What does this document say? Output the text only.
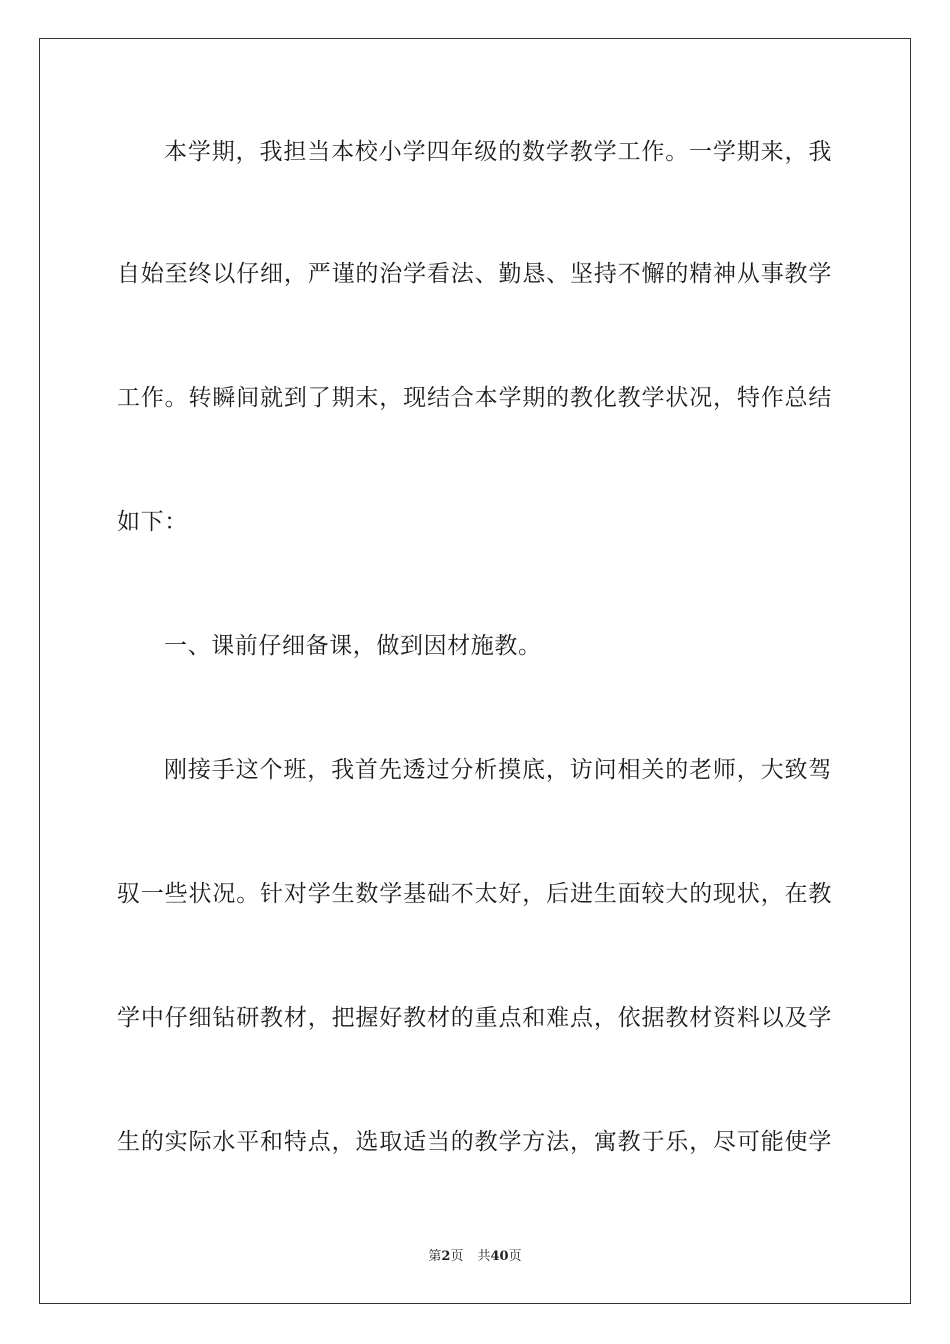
本学期，我担当本校小学四年级的数学教学工作。一学期来，我
自始至终以仔细，严谨的治学看法、勤恳、坚持不懈的精神从事教学
工作。转瞬间就到了期末，现结合本学期的教化教学状况，特作总结
如下：
一、课前仔细备课，做到因材施教。
刚接手这个班，我首先透过分析摸底，访问相关的老师，大致驾
驭一些状况。针对学生数学基础不太好，后进生面较大的现状，在教
学中仔细钻研教材，把握好教材的重点和难点，依据教材资料以及学
生的实际水平和特点，选取适当的教学方法，寓教于乐，尽可能使学
第2页 共40页
